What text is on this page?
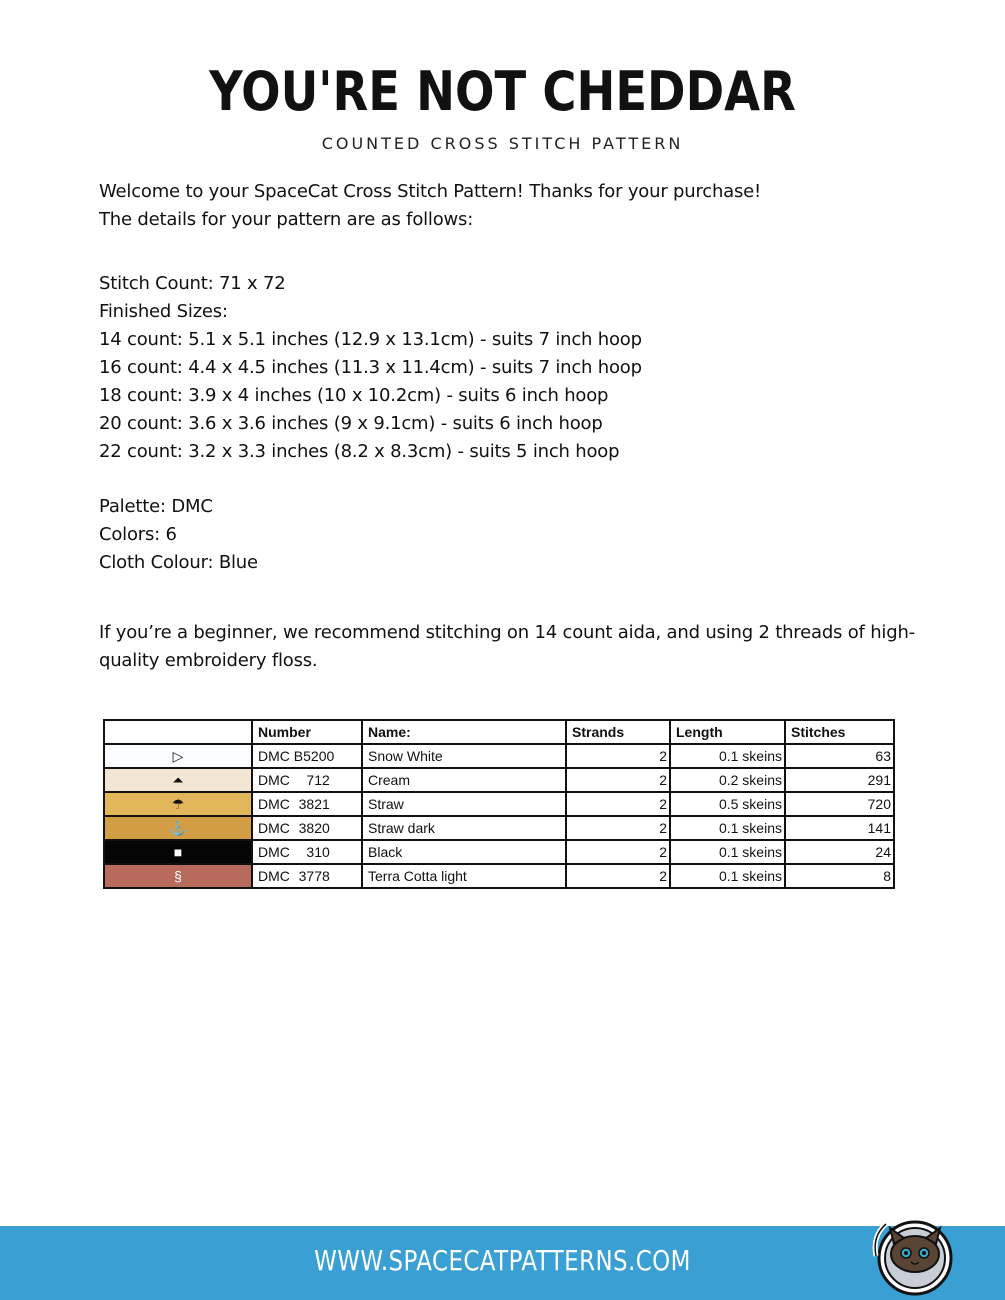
YOU'RE NOT CHEDDAR
COUNTED CROSS STITCH PATTERN
Welcome to your SpaceCat Cross Stitch Pattern! Thanks for your purchase!
The details for your pattern are as follows:
Stitch Count: 71 x 72
Finished Sizes:
14 count: 5.1 x 5.1 inches (12.9 x 13.1cm) - suits 7 inch hoop
16 count: 4.4 x 4.5 inches (11.3 x 11.4cm) - suits 7 inch hoop
18 count: 3.9 x 4 inches (10 x 10.2cm) - suits 6 inch hoop
20 count: 3.6 x 3.6 inches (9 x 9.1cm) - suits 6 inch hoop
22 count: 3.2 x 3.3 inches (8.2 x 8.3cm) - suits 5 inch hoop
Palette: DMC
Colors: 6
Cloth Colour: Blue
If you’re a beginner, we recommend stitching on 14 count aida, and using 2 threads of high-quality embroidery floss.
	Number	Name:	Strands	Length	Stitches
▷	DMC B5200	Snow White	2	0.1 skeins	63
⏶	DMC 712	Cream	2	0.2 skeins	291
☂	DMC 3821	Straw	2	0.5 skeins	720
⚓	DMC 3820	Straw dark	2	0.1 skeins	141
■	DMC 310	Black	2	0.1 skeins	24
§	DMC 3778	Terra Cotta light	2	0.1 skeins	8
WWW.SPACECATPATTERNS.COM
